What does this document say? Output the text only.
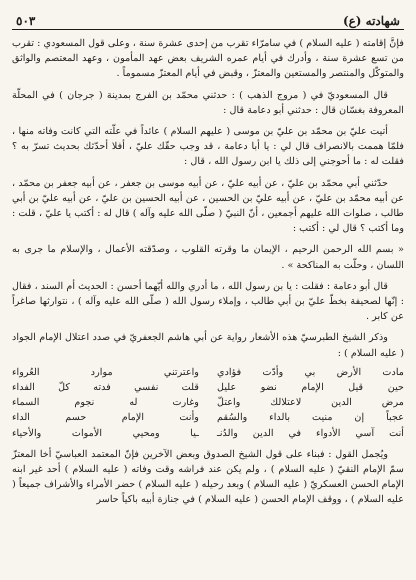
شهادته (ع)
٥٠٣

فإنَّ إقامته ( عليه السلام ) في سامرّاء تقرب من إحدى عشرة سنة ، وعلى قول المسعودي : تقرب من تسع عشرة سنة ، وأدرك في أيام عمره الشريف بعض عهد المأمون ، وعهد المعتصم والواثق والمتوكّل والمنتصر والمستعين والمعتزّ ، وقبض في أيام المعتزّ مسموماً .

قال المسعوديّ في ( مروج الذهب ) : حدثني محمّد بن الفرج بمدينة ( جرجان ) في المحلّة المعروفة بغسّان قال : حدثني أبو دعامة قال :

أتيت عليّ بن محمّد بن عليّ بن موسى ( عليهم السلام ) عائداً في علّته التي كانت وفاته منها ، فلمّا هممت بالانصراف قال لي : يا أبا دعامة ، قد وجب حقّك عليّ ، أفلا أحدّثك بحديث تسرّ به ؟ فقلت له : ما أحوجني إلى ذلك يا ابن رسول الله ، قال :

حدّثني أبي محمّد بن عليّ ، عن أبيه عليّ ، عن أبيه موسى بن جعفر ، عن أبيه جعفر بن محمّد ، عن أبيه محمّد بن عليّ ، عن أبيه عليّ بن الحسين ، عن أبيه الحسين بن عليّ ، عن أبيه عليّ بن أبي طالب ، صلوات الله عليهم أجمعين ، أنّ النبيّ ( صلّى الله عليه وآله ) قال له : أكتب يا عليّ ، قلت : وما أكتب ؟ قال لي : أكتب :

« بسم الله الرحمن الرحيم ، الإيمان ما وقرته القلوب ، وصدّقته الأعمال ، والإسلام ما جرى به اللسان ، وحلّت به المناكحة » .

قال أبو دعامة : فقلت : يا بن رسول الله ، ما أدري والله أيّهما أحسن : الحديث أم السند ، فقال : إنّها لصحيفة بخطّ عليّ بن أبي طالب ، وإملاء رسول الله ( صلّى الله عليه وآله ) ، نتوارثها صاغراً عن كابر .

وذكر الشيخ الطبرسيّ هذه الأشعار رواية عن أبي هاشم الجعفريّ في صدد اعتلال الإمام الجواد ( عليه السلام ) :

مادت الأرض بي وأدّت فؤادي
واعترتني موارد العُرواء
حين قيل الإمام نضو عليل
قلت نفسي فدته كلّ الفداء
مرض الدين لاعتلالك واعتلّ
وغارت له نجوم السماء
عجباً إن منيت بالداء والسُقم
وأنت الإمام حسم الداء
أنت آسي الأدواء في الدين والدُنـ
ـيا ومحيي الأموات والأحياء

ويُجمل القول : فبناء على قول الشيخ الصدوق وبعض الآخرين فإنّ المعتمد العباسيّ أخا المعتزّ سمّ الإمام النقيّ ( عليه السلام ) ، ولم يكن عند فراشه وقت وفاته ( عليه السلام ) أحد غير ابنه الإمام الحسن العسكريّ ( عليه السلام ) وبعد رحيله ( عليه السلام ) حضر الأمراء والأشراف جميعاً ( عليه السلام ) ، ووقف الإمام الحسن ( عليه السلام ) في جنازة أبيه باكياً حاسر
